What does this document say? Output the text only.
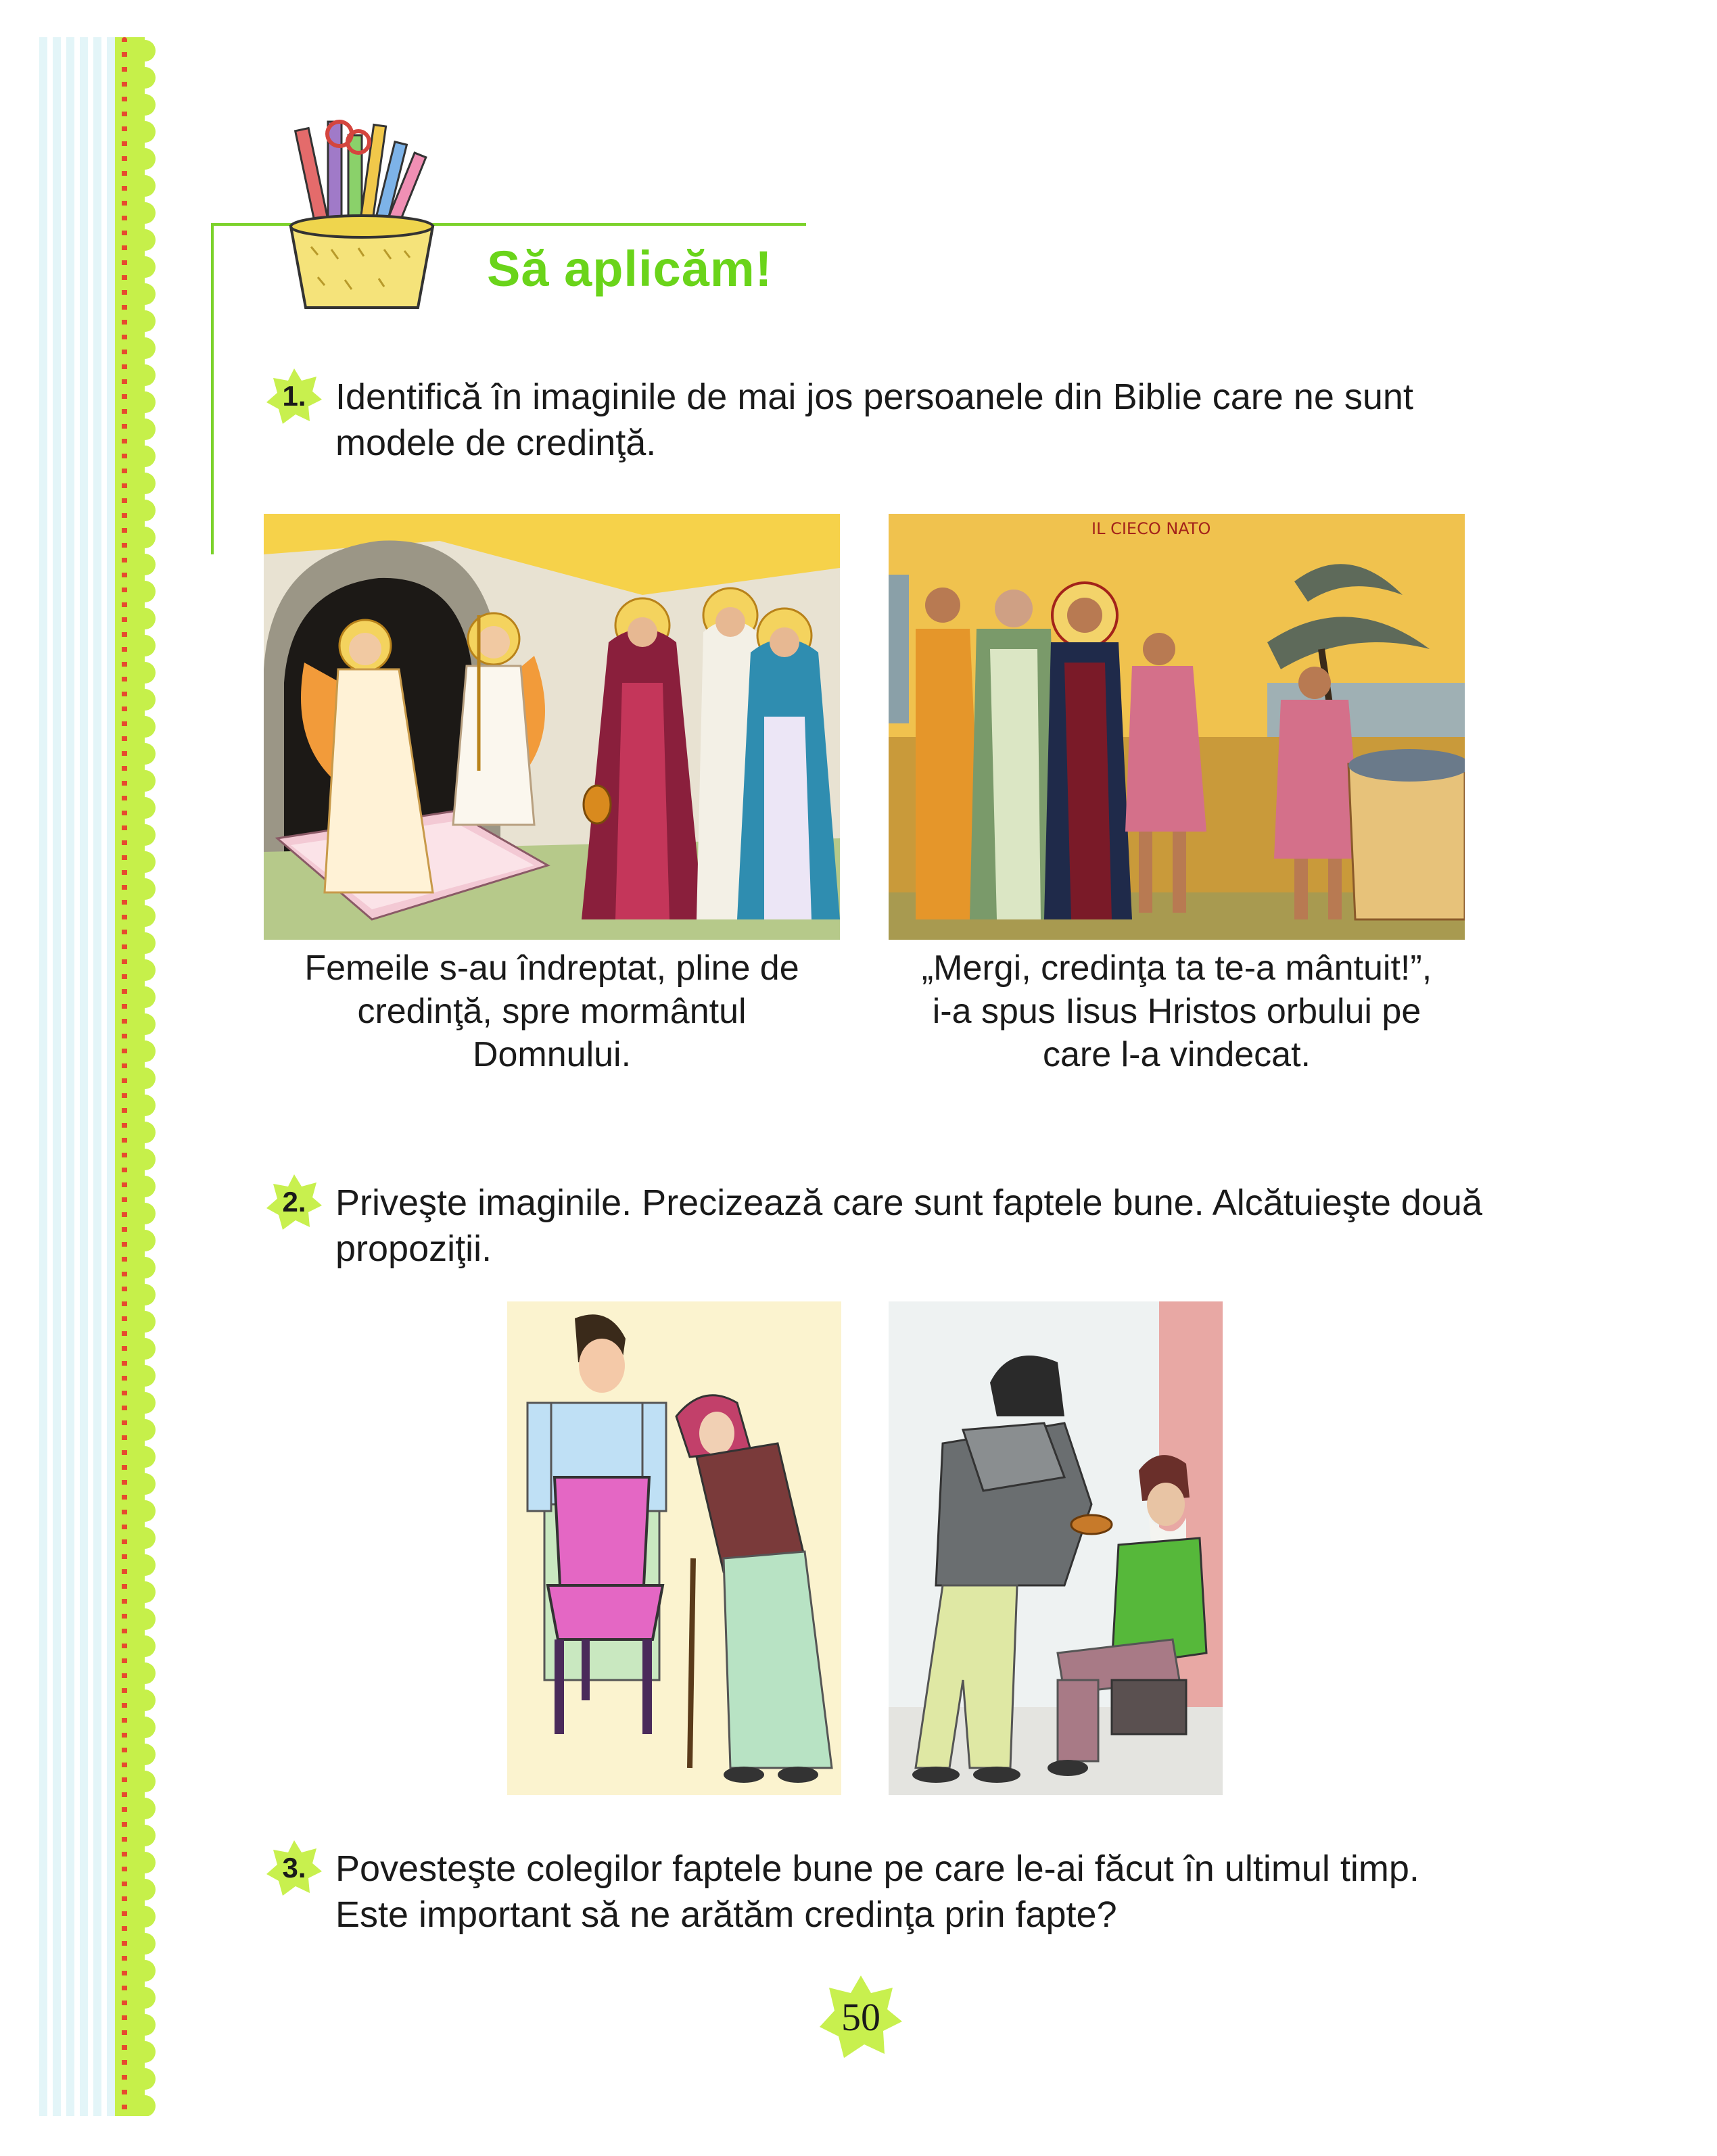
Să aplicăm!
1. Identifică în imaginile de mai jos persoanele din Biblie care ne sunt
modele de credinţă.
IL CIECO NATO
Femeile s-au îndreptat, pline de
credinţă, spre mormântul
Domnului.
„Mergi, credinţa ta te-a mântuit!”,
i-a spus Iisus Hristos orbului pe
care l-a vindecat.
2. Priveşte imaginile. Precizează care sunt faptele bune. Alcătuieşte două
propoziţii.
3. Povesteşte colegilor faptele bune pe care le-ai făcut în ultimul timp.
Este important să ne arătăm credinţa prin fapte?
50
